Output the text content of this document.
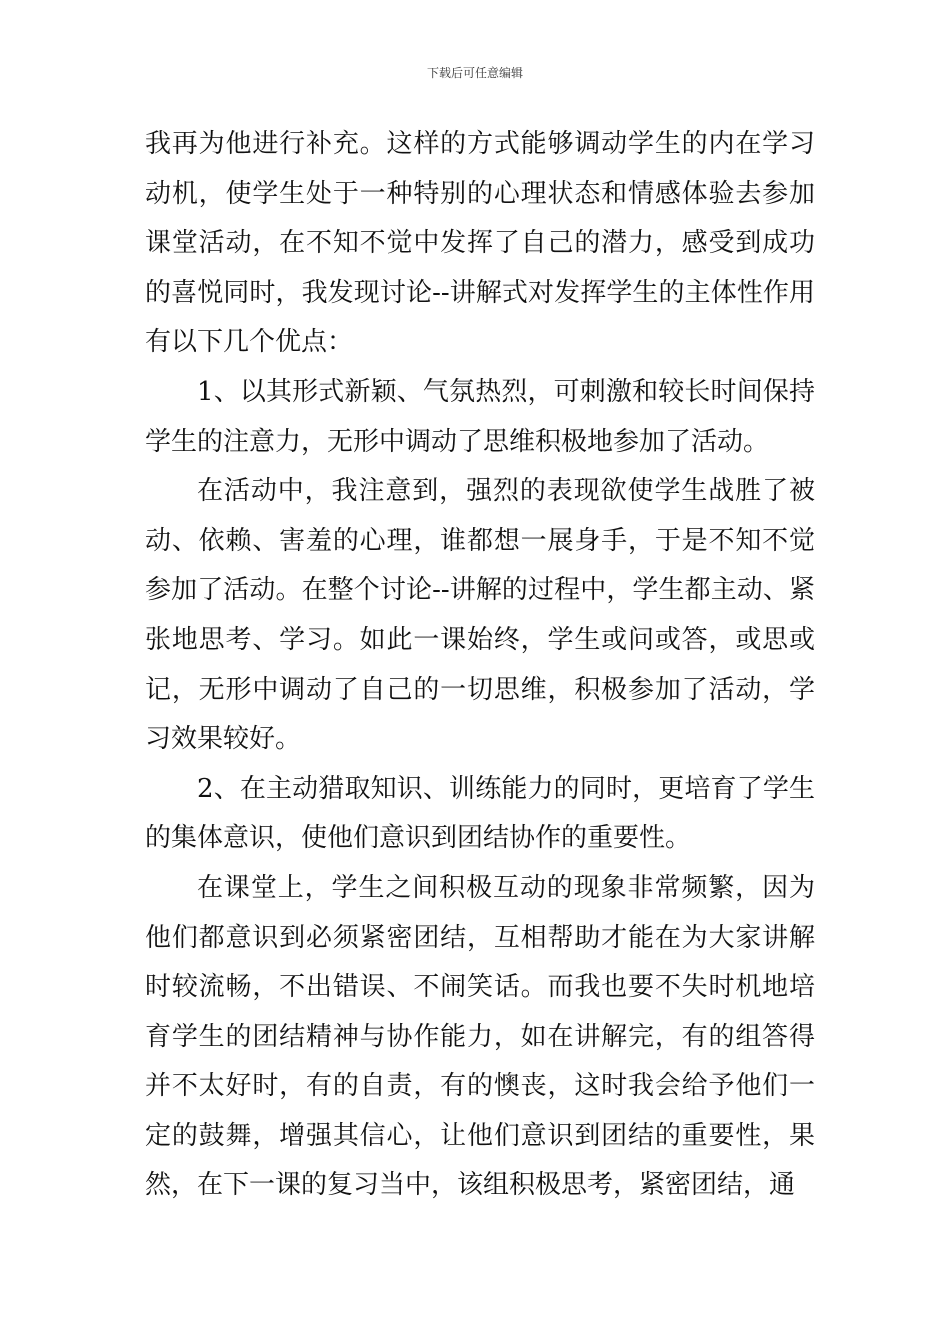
下载后可任意编辑

我再为他进行补充。这样的方式能够调动学生的内在学习动机，使学生处于一种特别的心理状态和情感体验去参加课堂活动，在不知不觉中发挥了自己的潜力，感受到成功的喜悦同时，我发现讨论--讲解式对发挥学生的主体性作用有以下几个优点：

1、以其形式新颖、气氛热烈，可刺激和较长时间保持学生的注意力，无形中调动了思维积极地参加了活动。

在活动中，我注意到，强烈的表现欲使学生战胜了被动、依赖、害羞的心理，谁都想一展身手，于是不知不觉参加了活动。在整个讨论--讲解的过程中，学生都主动、紧张地思考、学习。如此一课始终，学生或问或答，或思或记，无形中调动了自己的一切思维，积极参加了活动，学习效果较好。

2、在主动猎取知识、训练能力的同时，更培育了学生的集体意识，使他们意识到团结协作的重要性。

在课堂上，学生之间积极互动的现象非常频繁，因为他们都意识到必须紧密团结，互相帮助才能在为大家讲解时较流畅，不出错误、不闹笑话。而我也要不失时机地培育学生的团结精神与协作能力，如在讲解完，有的组答得并不太好时，有的自责，有的懊丧，这时我会给予他们一定的鼓舞，增强其信心，让他们意识到团结的重要性，果然，在下一课的复习当中，该组积极思考，紧密团结，通
